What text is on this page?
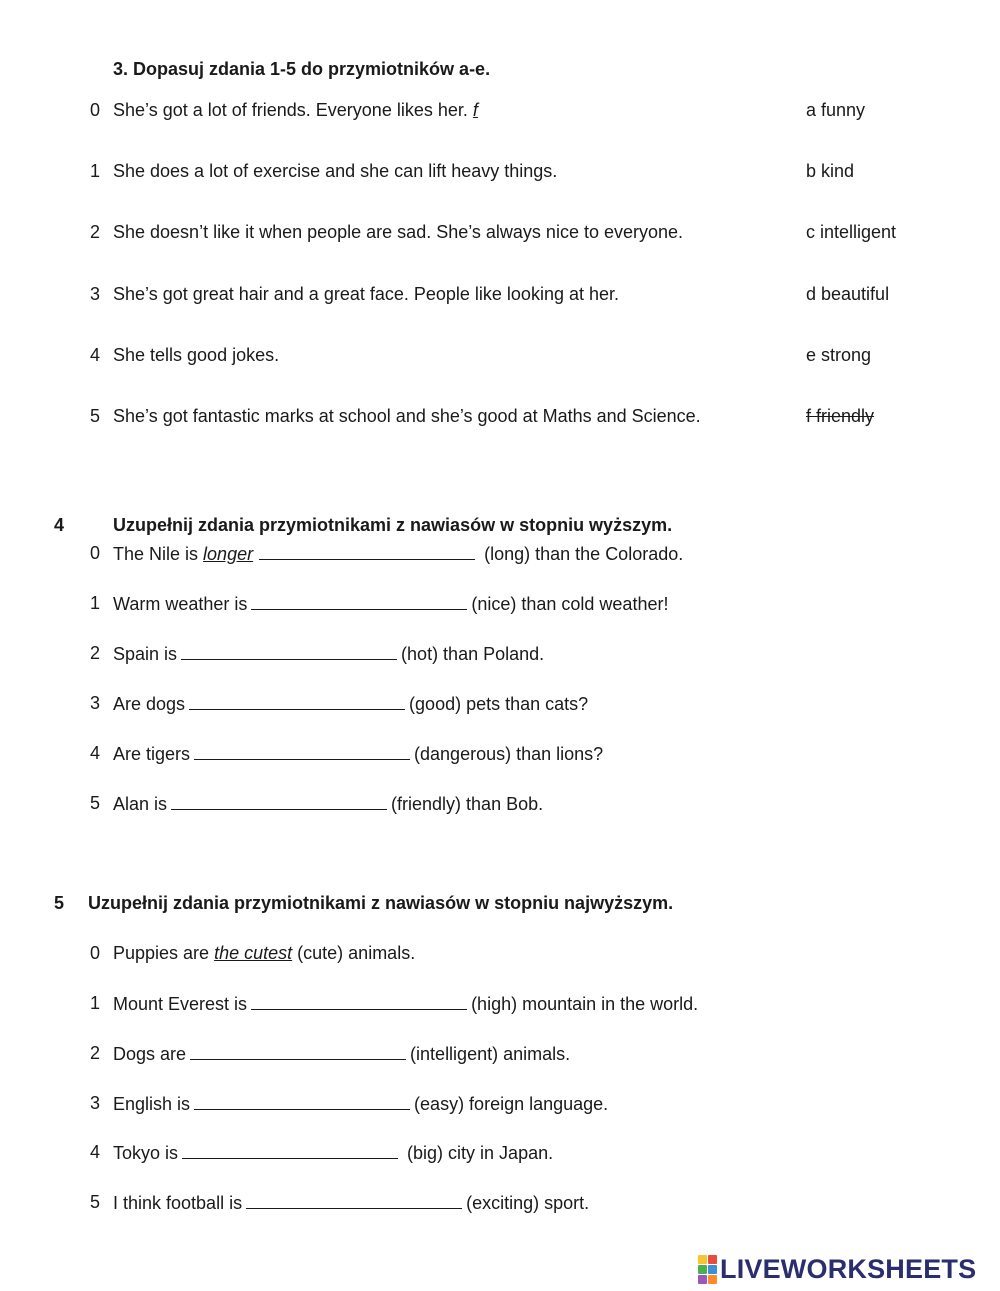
3. Dopasuj zdania 1-5 do przymiotników a-e.
0 She’s got a lot of friends. Everyone likes her. f	a funny
1 She does a lot of exercise and she can lift heavy things.	b kind
2 She doesn’t like it when people are sad. She’s always nice to everyone.	c intelligent
3 She’s got great hair and a great face. People like looking at her.	d beautiful
4 She tells good jokes.	e strong
5 She’s got fantastic marks at school and she’s good at Maths and Science.	f friendly
4	Uzupełnij zdania przymiotnikami z nawiasów w stopniu wyższym.
0 The Nile is longer	(long) than the Colorado.
1 Warm weather is	(nice) than cold weather!
2 Spain is	(hot) than Poland.
3 Are dogs	(good) pets than cats?
4 Are tigers	(dangerous) than lions?
5 Alan is	(friendly) than Bob.
5 Uzupełnij zdania przymiotnikami z nawiasów w stopniu najwyższym.
0 Puppies are the cutest (cute) animals.
1 Mount Everest is	(high) mountain in the world.
2 Dogs are	(intelligent) animals.
3 English is	(easy) foreign language.
4 Tokyo is	(big) city in Japan.
5 I think football is	(exciting) sport.
LIVEWORKSHEETS
